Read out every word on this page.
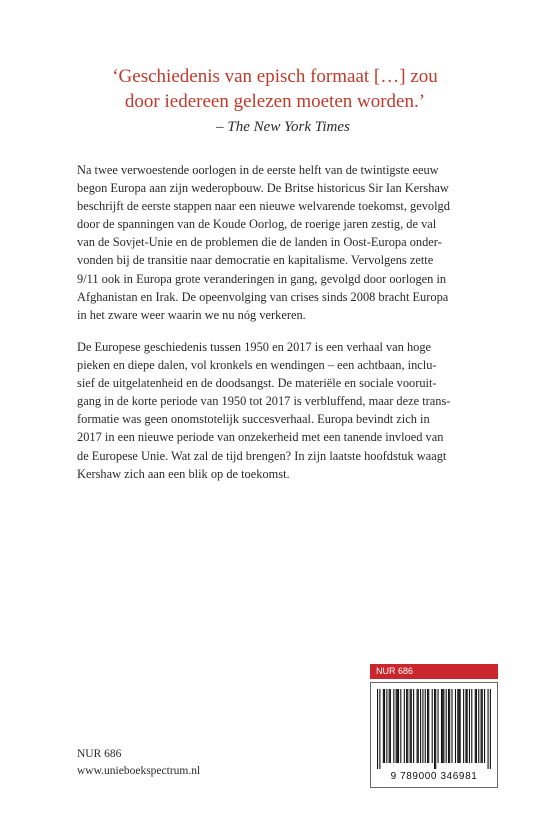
‘Geschiedenis van episch formaat […] zou
door iedereen gelezen moeten worden.’
– The New York Times
Na twee verwoestende oorlogen in de eerste helft van de twintigste eeuw
begon Europa aan zijn wederopbouw. De Britse historicus Sir Ian Kershaw
beschrijft de eerste stappen naar een nieuwe welvarende toekomst, gevolgd
door de spanningen van de Koude Oorlog, de roerige jaren zestig, de val
van de Sovjet-Unie en de problemen die de landen in Oost-Europa onder-
vonden bij de transitie naar democratie en kapitalisme. Vervolgens zette
9/11 ook in Europa grote veranderingen in gang, gevolgd door oorlogen in
Afghanistan en Irak. De opeenvolging van crises sinds 2008 bracht Europa
in het zware weer waarin we nu nóg verkeren.
De Europese geschiedenis tussen 1950 en 2017 is een verhaal van hoge
pieken en diepe dalen, vol kronkels en wendingen – een achtbaan, inclu-
sief de uitgelatenheid en de doodsangst. De materiële en sociale vooruit-
gang in de korte periode van 1950 tot 2017 is verbluffend, maar deze trans-
formatie was geen onomstotelijk succesverhaal. Europa bevindt zich in
2017 in een nieuwe periode van onzekerheid met een tanende invloed van
de Europese Unie. Wat zal de tijd brengen? In zijn laatste hoofdstuk waagt
Kershaw zich aan een blik op de toekomst.
NUR 686
9 789000 346981
NUR 686
www.unieboekspectrum.nl
